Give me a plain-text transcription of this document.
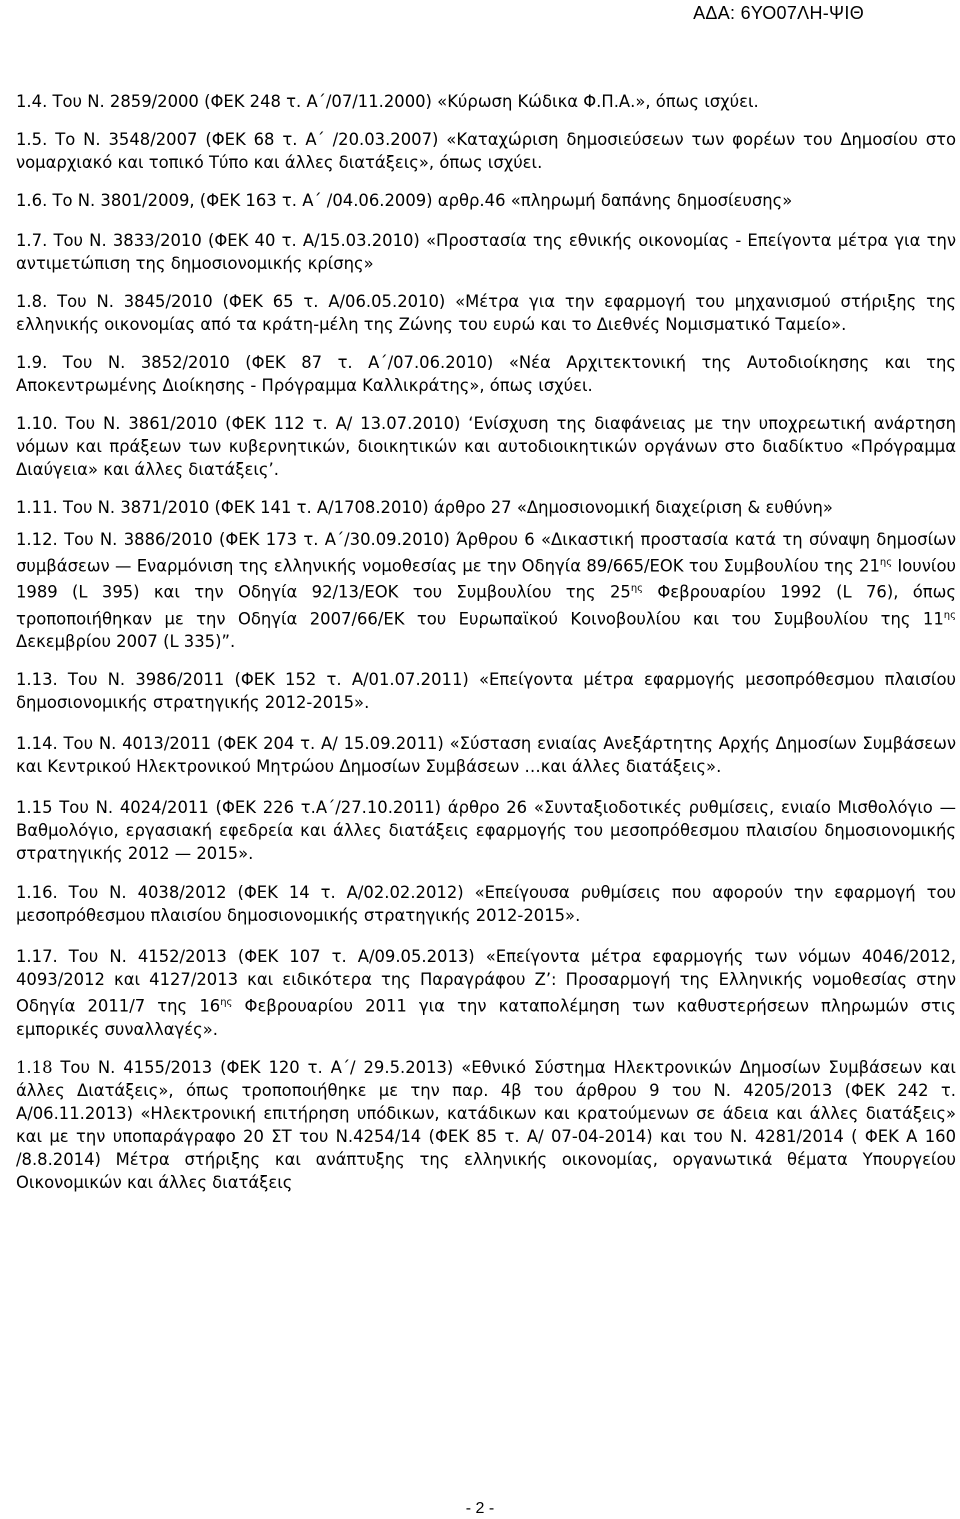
ΑΔΑ: 6ΥΟ07ΛΗ-ΨΙΘ

1.4. Του Ν. 2859/2000 (ΦΕΚ 248 τ. Α΄/07/11.2000) «Κύρωση Κώδικα Φ.Π.Α.», όπως ισχύει.

1.5. Το Ν. 3548/2007 (ΦΕΚ 68 τ. Α΄ /20.03.2007) «Καταχώριση δημοσιεύσεων των φορέων του Δημοσίου στο νομαρχιακό και τοπικό Τύπο και άλλες διατάξεις», όπως ισχύει.

1.6. Το Ν. 3801/2009, (ΦΕΚ 163 τ. Α΄ /04.06.2009) αρθρ.46 «πληρωμή δαπάνης δημοσίευσης»

1.7. Του Ν. 3833/2010 (ΦΕΚ 40 τ. Α/15.03.2010) «Προστασία της εθνικής οικονομίας - Επείγοντα μέτρα για την αντιμετώπιση της δημοσιονομικής κρίσης»

1.8. Του Ν. 3845/2010 (ΦΕΚ 65 τ. Α/06.05.2010) «Μέτρα για την εφαρμογή του μηχανισμού στήριξης της ελληνικής οικονομίας από τα κράτη-μέλη της Ζώνης του ευρώ και το Διεθνές Νομισματικό Ταμείο».

1.9. Του Ν. 3852/2010 (ΦΕΚ 87 τ. Α΄/07.06.2010) «Νέα Αρχιτεκτονική της Αυτοδιοίκησης και της Αποκεντρωμένης Διοίκησης - Πρόγραμμα Καλλικράτης», όπως ισχύει.

1.10. Του Ν. 3861/2010 (ΦΕΚ 112 τ. Α/ 13.07.2010) ‘Ενίσχυση της διαφάνειας με την υποχρεωτική ανάρτηση νόμων και πράξεων των κυβερνητικών, διοικητικών και αυτοδιοικητικών οργάνων στο διαδίκτυο «Πρόγραμμα Διαύγεια» και άλλες διατάξεις’.

1.11. Του Ν. 3871/2010 (ΦΕΚ 141 τ. Α/1708.2010) άρθρο 27 «Δημοσιονομική διαχείριση & ευθύνη»

1.12. Του Ν. 3886/2010 (ΦΕΚ 173 τ. Α΄/30.09.2010) Άρθρου 6 «Δικαστική προστασία κατά τη σύναψη δημοσίων συμβάσεων — Εναρμόνιση της ελληνικής νομοθεσίας με την Οδηγία 89/665/ΕΟΚ του Συμβουλίου της $21^{\eta\varsigma}$ Ιουνίου 1989 (L 395) και την Οδηγία 92/13/ΕΟΚ του Συμβουλίου της $25^{\eta\varsigma}$ Φεβρουαρίου 1992 (L 76), όπως τροποποιήθηκαν με την Οδηγία 2007/66/ΕΚ του Ευρωπαϊκού Κοινοβουλίου και του Συμβουλίου της $11^{\eta\varsigma}$ Δεκεμβρίου 2007 (L 335)”.

1.13. Του Ν. 3986/2011 (ΦΕΚ 152 τ. Α/01.07.2011) «Επείγοντα μέτρα εφαρμογής μεσοπρόθεσμου πλαισίου δημοσιονομικής στρατηγικής 2012-2015».

1.14. Του Ν. 4013/2011 (ΦΕΚ 204 τ. Α/ 15.09.2011) «Σύσταση ενιαίας Ανεξάρτητης Αρχής Δημοσίων Συμβάσεων και Κεντρικού Ηλεκτρονικού Μητρώου Δημοσίων Συμβάσεων …και άλλες διατάξεις».

1.15 Του Ν. 4024/2011 (ΦΕΚ 226 τ.Α΄/27.10.2011) άρθρο 26 «Συνταξιοδοτικές ρυθμίσεις, ενιαίο Μισθολόγιο — Βαθμολόγιο, εργασιακή εφεδρεία και άλλες διατάξεις εφαρμογής του μεσοπρόθεσμου πλαισίου δημοσιονομικής στρατηγικής 2012 — 2015».

1.16. Του Ν. 4038/2012 (ΦΕΚ 14 τ. Α/02.02.2012) «Επείγουσα ρυθμίσεις που αφορούν την εφαρμογή του μεσοπρόθεσμου πλαισίου δημοσιονομικής στρατηγικής 2012-2015».

1.17. Του Ν. 4152/2013 (ΦΕΚ 107 τ. Α/09.05.2013) «Επείγοντα μέτρα εφαρμογής των νόμων 4046/2012, 4093/2012 και 4127/2013 και ειδικότερα της Παραγράφου Ζ’: Προσαρμογή της Ελληνικής νομοθεσίας στην Οδηγία 2011/7 της $16^{\eta\varsigma}$ Φεβρουαρίου 2011 για την καταπολέμηση των καθυστερήσεων πληρωμών στις εμπορικές συναλλαγές».

1.18 Του Ν. 4155/2013 (ΦΕΚ 120 τ. Α΄/ 29.5.2013) «Εθνικό Σύστημα Ηλεκτρονικών Δημοσίων Συμβάσεων και άλλες Διατάξεις», όπως τροποποιήθηκε με την παρ. 4β του άρθρου 9 του Ν. 4205/2013 (ΦΕΚ 242 τ. Α/06.11.2013) «Ηλεκτρονική επιτήρηση υπόδικων, κατάδικων και κρατούμενων σε άδεια και άλλες διατάξεις» και με την υποπαράγραφο 20 ΣΤ του Ν.4254/14 (ΦΕΚ 85 τ. Α/ 07-04-2014) και του Ν. 4281/2014 ( ΦΕΚ Α 160 /8.8.2014) Μέτρα στήριξης και ανάπτυξης της ελληνικής οικονομίας, οργανωτικά θέματα Υπουργείου Οικονομικών και άλλες διατάξεις

- 2 -
